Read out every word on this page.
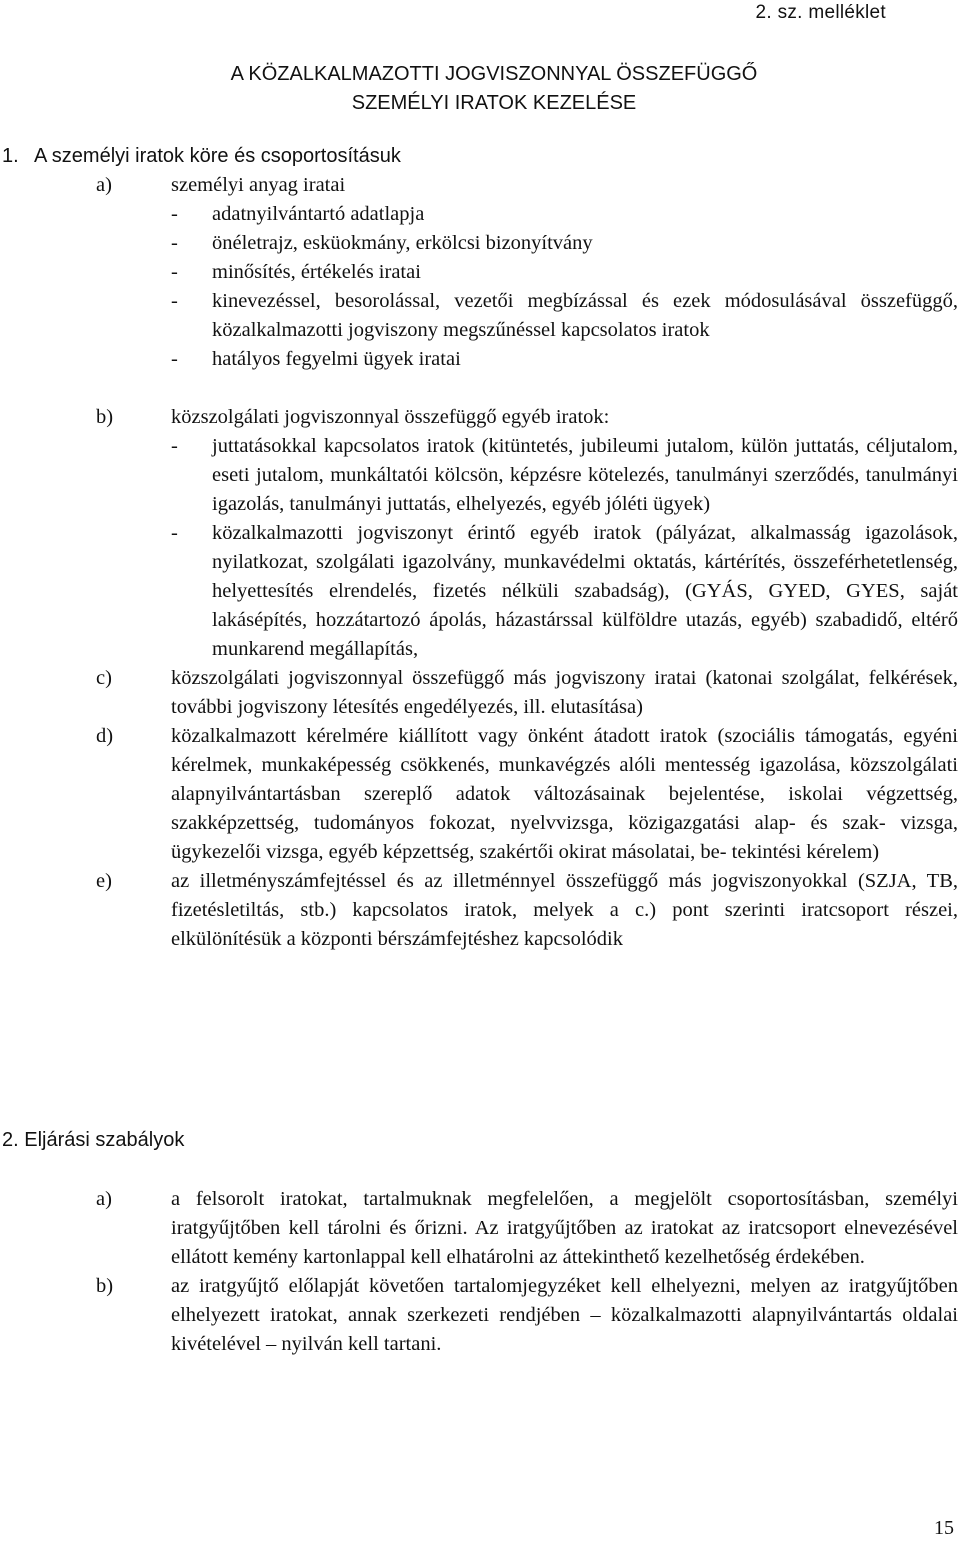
2. sz. melléklet
A KÖZALKALMAZOTTI JOGVISZONNYAL ÖSSZEFÜGGŐ
SZEMÉLYI IRATOK KEZELÉSE
1. A személyi iratok köre és csoportosításuk
a)	személyi anyag iratai
-	adatnyilvántartó adatlapja
-	önéletrajz, esküokmány, erkölcsi bizonyítvány
-	minősítés, értékelés iratai
-	kinevezéssel, besorolással, vezetői megbízással és ezek módosulásával összefüggő, közalkalmazotti jogviszony megszűnéssel kapcsolatos iratok
-	hatályos fegyelmi ügyek iratai
b)	közszolgálati jogviszonnyal összefüggő egyéb iratok:
-	juttatásokkal kapcsolatos iratok (kitüntetés, jubileumi jutalom, külön juttatás, céljutalom, eseti jutalom, munkáltatói kölcsön, képzésre kötelezés, tanulmányi szerződés, tanulmányi igazolás, tanulmányi juttatás, elhelyezés, egyéb jóléti ügyek)
-	közalkalmazotti jogviszonyt érintő egyéb iratok (pályázat, alkalmasság igazolások, nyilatkozat, szolgálati igazolvány, munkavédelmi oktatás, kártérítés, összeférhetetlenség, helyettesítés elrendelés, fizetés nélküli szabadság), (GYÁS, GYED, GYES, saját lakásépítés, hozzátartozó ápolás, házastárssal külföldre utazás, egyéb) szabadidő, eltérő munkarend megállapítás,
c)	közszolgálati jogviszonnyal összefüggő más jogviszony iratai (katonai szolgálat, felkérések, további jogviszony létesítés engedélyezés, ill. elutasítása)
d)	közalkalmazott kérelmére kiállított vagy önként átadott iratok (szociális támogatás, egyéni kérelmek, munkaképesség csökkenés, munkavégzés alóli mentesség igazolása, közszolgálati alapnyilvántartásban szereplő adatok változásainak bejelentése, iskolai végzettség, szakképzettség, tudományos fokozat, nyelvvizsga, közigazgatási alap- és szak- vizsga, ügykezelői vizsga, egyéb képzettség, szakértői okirat másolatai, be- tekintési kérelem)
e)	az illetményszámfejtéssel és az illetménnyel összefüggő más jogviszonyokkal (SZJA, TB, fizetésletiltás, stb.) kapcsolatos iratok, melyek a c.) pont szerinti iratcsoport részei, elkülönítésük a központi bérszámfejtéshez kapcsolódik
2. Eljárási szabályok
a)	a felsorolt iratokat, tartalmuknak megfelelően, a megjelölt csoportosításban, személyi iratgyűjtőben kell tárolni és őrizni. Az iratgyűjtőben az iratokat az iratcsoport elnevezésével ellátott kemény kartonlappal kell elhatárolni az áttekinthető kezelhetőség érdekében.
b)	az iratgyűjtő előlapját követően tartalomjegyzéket kell elhelyezni, melyen az iratgyűjtőben elhelyezett iratokat, annak szerkezeti rendjében – közalkalmazotti alapnyilvántartás oldalai kivételével – nyilván kell tartani.
15
